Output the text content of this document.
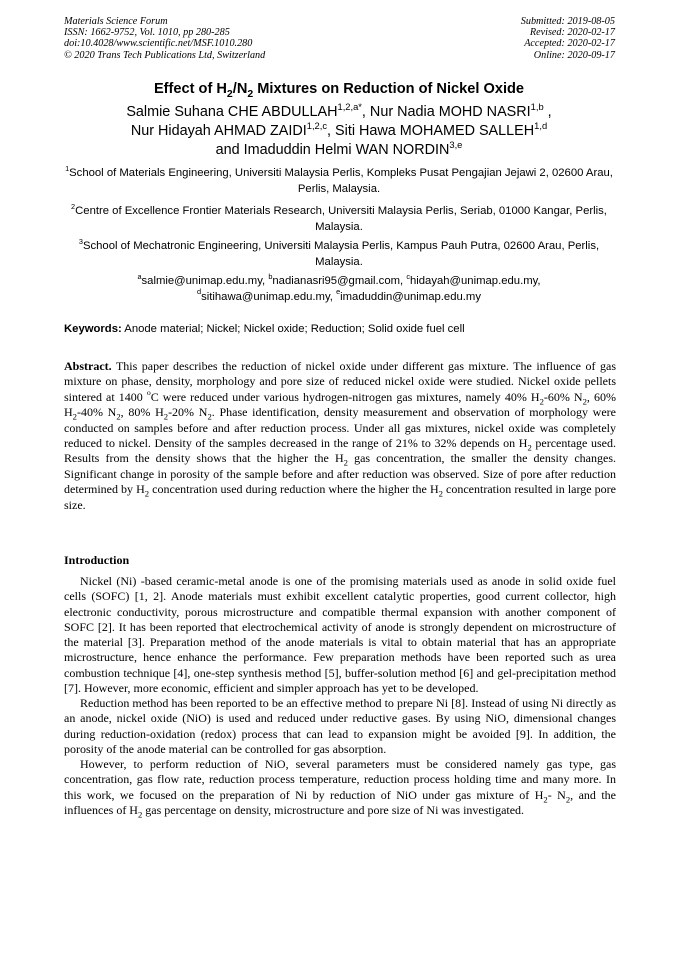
Materials Science Forum
ISSN: 1662-9752, Vol. 1010, pp 280-285
doi:10.4028/www.scientific.net/MSF.1010.280
© 2020 Trans Tech Publications Ltd, Switzerland
Submitted: 2019-08-05
Revised: 2020-02-17
Accepted: 2020-02-17
Online: 2020-09-17
Effect of $H_2/N_2$ Mixtures on Reduction of Nickel Oxide
Salmie Suhana CHE $ABDULLAH^{1,2,a*}$, Nur Nadia MOHD NASRI$^{1,b}$ ,
Nur Hidayah AHMAD ZAIDI$^{1,2,c}$, Siti Hawa MOHAMED SALLEH$^{1,d}$
and Imaduddin Helmi WAN NORDIN$^{3,e}$
$^1$School of Materials Engineering, Universiti Malaysia Perlis, Kompleks Pusat Pengajian Jejawi 2, 02600 Arau, Perlis, Malaysia.
$^2$Centre of Excellence Frontier Materials Research, Universiti Malaysia Perlis, Seriab, 01000 Kangar, Perlis, Malaysia.
$^3$School of Mechatronic Engineering, Universiti Malaysia Perlis, Kampus Pauh Putra, 02600 Arau, Perlis, Malaysia.
$^a$salmie@unimap.edu.my, $^b$nadianasri95@gmail.com, $^c$hidayah@unimap.edu.my,
$^d$sitihawa@unimap.edu.my, $^e$imaduddin@unimap.edu.my
Keywords: Anode material; Nickel; Nickel oxide; Reduction; Solid oxide fuel cell
Abstract. This paper describes the reduction of nickel oxide under different gas mixture. The influence of gas mixture on phase, density, morphology and pore size of reduced nickel oxide were studied. Nickel oxide pellets sintered at 1400 $^o$C were reduced under various hydrogen-nitrogen gas mixtures, namely 40% $H_2-60\%$ $N_2$, 60% $H_2-40\%$ $N_2$, 80% $H_2-20\%$ $N_2$. Phase identification, density measurement and observation of morphology were conducted on samples before and after reduction process. Under all gas mixtures, nickel oxide was completely reduced to nickel. Density of the samples decreased in the range of 21% to 32% depends on $H_2$ percentage used. Results from the density shows that the higher the $H_2$ gas concentration, the smaller the density changes. Significant change in porosity of the sample before and after reduction was observed. Size of pore after reduction determined by $H_2$ concentration used during reduction where the higher the $H_2$ concentration resulted in large pore size.
Introduction

Nickel (Ni) -based ceramic-metal anode is one of the promising materials used as anode in solid oxide fuel cells (SOFC) [1, 2]. Anode materials must exhibit excellent catalytic properties, good current collector, high electronic conductivity, porous microstructure and compatible thermal expansion with another component of SOFC [2]. It has been reported that electrochemical activity of anode is strongly dependent on microstructure of the material [3]. Preparation method of the anode materials is vital to obtain material that has an appropriate microstructure, hence enhance the performance. Few preparation methods have been reported such as urea combustion technique [4], one-step synthesis method [5], buffer-solution method [6] and gel-precipitation method [7]. However, more economic, efficient and simpler approach has yet to be developed.

Reduction method has been reported to be an effective method to prepare Ni [8]. Instead of using Ni directly as an anode, nickel oxide (NiO) is used and reduced under reductive gases. By using NiO, dimensional changes during reduction-oxidation (redox) process that can lead to expansion might be avoided [9]. In addition, the porosity of the anode material can be controlled for gas absorption.

However, to perform reduction of NiO, several parameters must be considered namely gas type, gas concentration, gas flow rate, reduction process temperature, reduction process holding time and many more. In this work, we focused on the preparation of Ni by reduction of NiO under gas mixture of $H_2-$ $N_2$, and the influences of $H_2$ gas percentage on density, microstructure and pore size of Ni was investigated.
